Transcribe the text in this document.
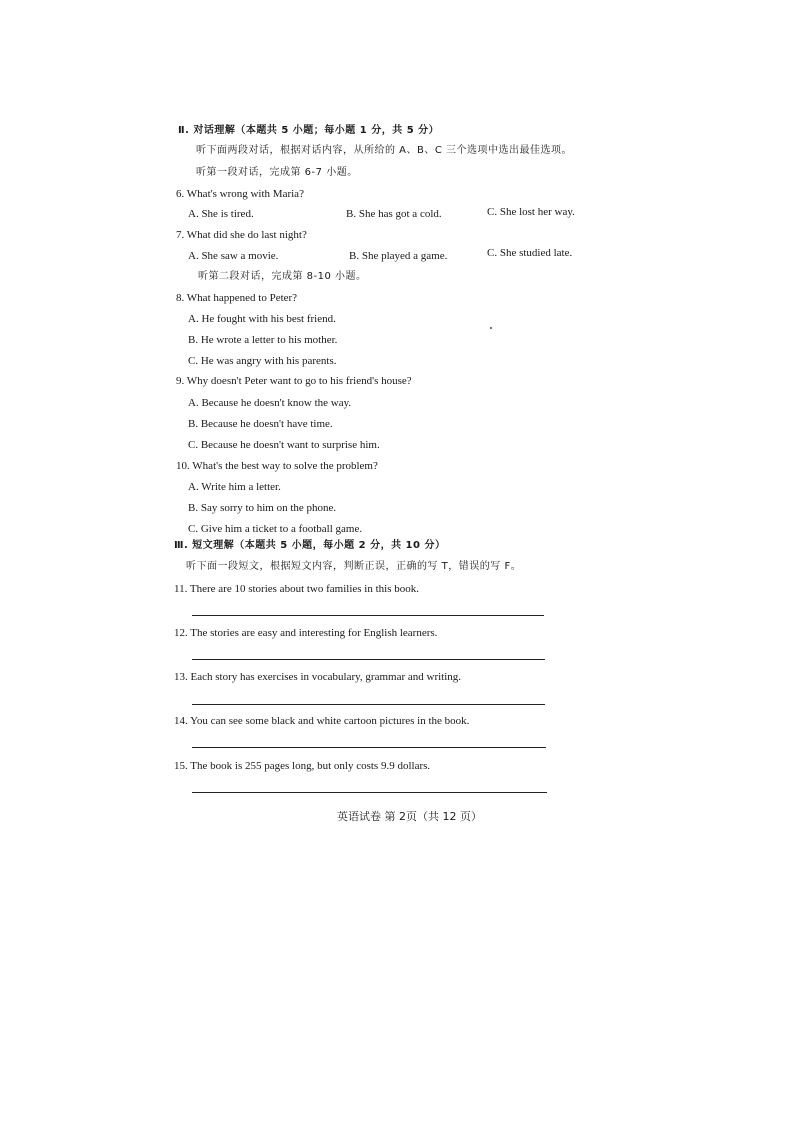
Ⅱ. 对话理解（本题共 5 小题；每小题 1 分，共 5 分）
听下面两段对话，根据对话内容，从所给的 A、B、C 三个选项中选出最佳选项。
听第一段对话，完成第 6-7 小题。
6. What's wrong with Maria?
A. She is tired.	B. She has got a cold.	C. She lost her way.
7. What did she do last night?
A. She saw a movie.	B. She played a game.	C. She studied late.
听第二段对话，完成第 8-10 小题。
8. What happened to Peter?
A. He fought with his best friend.
B. He wrote a letter to his mother.
C. He was angry with his parents.
9. Why doesn't Peter want to go to his friend's house?
A. Because he doesn't know the way.
B. Because he doesn't have time.
C. Because he doesn't want to surprise him.
10. What's the best way to solve the problem?
A. Write him a letter.
B. Say sorry to him on the phone.
C. Give him a ticket to a football game.
Ⅲ. 短文理解（本题共 5 小题，每小题 2 分，共 10 分）
听下面一段短文，根据短文内容，判断正误，正确的写 T，错误的写 F。
11. There are 10 stories about two families in this book.
12. The stories are easy and interesting for English learners.
13. Each story has exercises in vocabulary, grammar and writing.
14. You can see some black and white cartoon pictures in the book.
15. The book is 255 pages long, but only costs 9.9 dollars.
英语试卷 第 2页（共 12 页）
